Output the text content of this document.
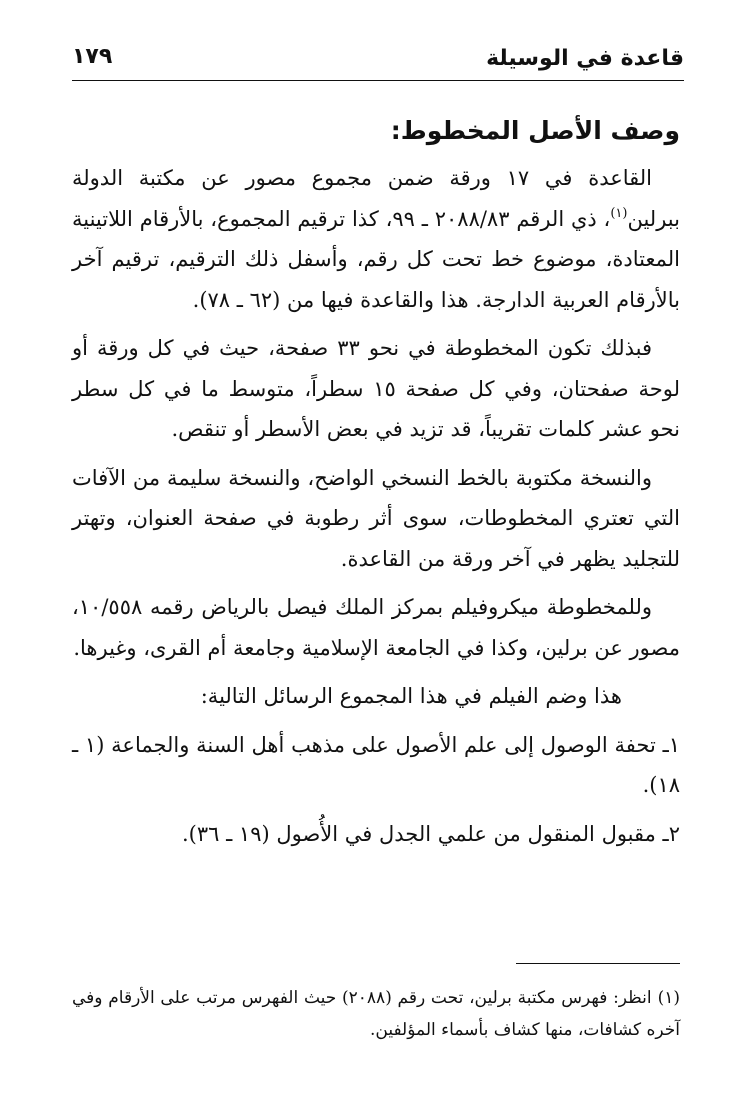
قاعدة في الوسيلة
١٧٩
وصف الأصل المخطوط:

القاعدة في ١٧ ورقة ضمن مجموع مصور عن مكتبة الدولة ببرلين$^{(١)}$، ذي الرقم ٢٠٨٨/٨٣ ـ ٩٩، كذا ترقيم المجموع، بالأرقام اللاتينية المعتادة، موضوع خط تحت كل رقم، وأسفل ذلك الترقيم، ترقيم آخر بالأرقام العربية الدارجة. هذا والقاعدة فيها من (٦٢ ـ ٧٨).

فبذلك تكون المخطوطة في نحو ٣٣ صفحة، حيث في كل ورقة أو لوحة صفحتان، وفي كل صفحة ١٥ سطراً، متوسط ما في كل سطر نحو عشر كلمات تقريباً، قد تزيد في بعض الأسطر أو تنقص.

والنسخة مكتوبة بالخط النسخي الواضح، والنسخة سليمة من الآفات التي تعتري المخطوطات، سوى أثر رطوبة في صفحة العنوان، وتهتر للتجليد يظهر في آخر ورقة من القاعدة.

وللمخطوطة ميكروفيلم بمركز الملك فيصل بالرياض رقمه ١٠/٥٥٨، مصور عن برلين، وكذا في الجامعة الإسلامية وجامعة أم القرى، وغيرها.

هذا وضم الفيلم في هذا المجموع الرسائل التالية:

١ـ تحفة الوصول إلى علم الأصول على مذهب أهل السنة والجماعة (١ ـ ١٨).

٢ـ مقبول المنقول من علمي الجدل في الأُصول (١٩ ـ ٣٦).

(١)انظر: فهرس مكتبة برلين، تحت رقم (٢٠٨٨) حيث الفهرس مرتب على الأرقام وفي آخره كشافات، منها كشاف بأسماء المؤلفين.
